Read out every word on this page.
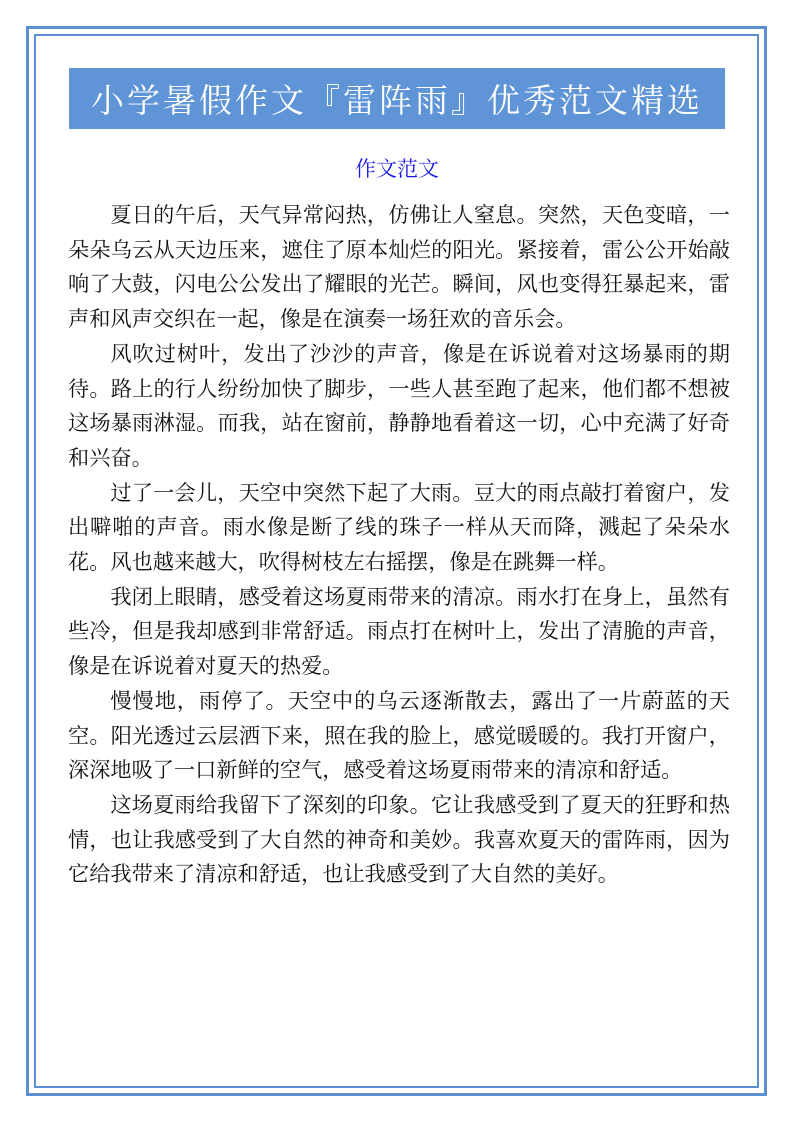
小学暑假作文『雷阵雨』优秀范文精选
作文范文

夏日的午后，天气异常闷热，仿佛让人窒息。突然，天色变暗，一朵朵乌云从天边压来，遮住了原本灿烂的阳光。紧接着，雷公公开始敲响了大鼓，闪电公公发出了耀眼的光芒。瞬间，风也变得狂暴起来，雷声和风声交织在一起，像是在演奏一场狂欢的音乐会。

风吹过树叶，发出了沙沙的声音，像是在诉说着对这场暴雨的期待。路上的行人纷纷加快了脚步，一些人甚至跑了起来，他们都不想被这场暴雨淋湿。而我，站在窗前，静静地看着这一切，心中充满了好奇和兴奋。

过了一会儿，天空中突然下起了大雨。豆大的雨点敲打着窗户，发出噼啪的声音。雨水像是断了线的珠子一样从天而降，溅起了朵朵水花。风也越来越大，吹得树枝左右摇摆，像是在跳舞一样。

我闭上眼睛，感受着这场夏雨带来的清凉。雨水打在身上，虽然有些冷，但是我却感到非常舒适。雨点打在树叶上，发出了清脆的声音，像是在诉说着对夏天的热爱。

慢慢地，雨停了。天空中的乌云逐渐散去，露出了一片蔚蓝的天空。阳光透过云层洒下来，照在我的脸上，感觉暖暖的。我打开窗户，深深地吸了一口新鲜的空气，感受着这场夏雨带来的清凉和舒适。

这场夏雨给我留下了深刻的印象。它让我感受到了夏天的狂野和热情，也让我感受到了大自然的神奇和美妙。我喜欢夏天的雷阵雨，因为它给我带来了清凉和舒适，也让我感受到了大自然的美好。
